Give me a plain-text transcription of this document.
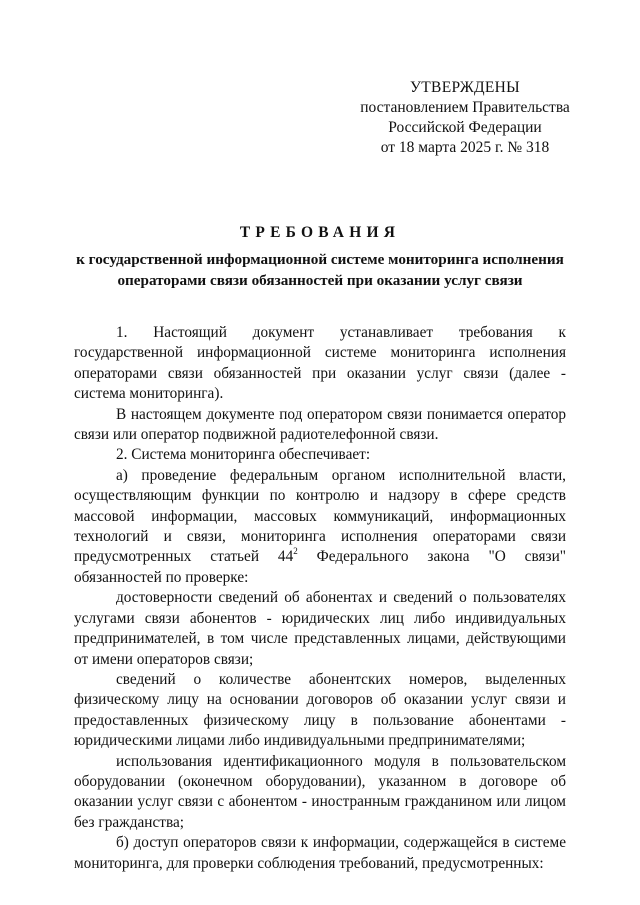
УТВЕРЖДЕНЫ
постановлением Правительства
Российской Федерации
от 18 марта 2025 г. № 318
ТРЕБОВАНИЯ
к государственной информационной системе мониторинга исполнения
операторами связи обязанностей при оказании услуг связи

1. Настоящий документ устанавливает требования к государственной информационной системе мониторинга исполнения операторами связи обязанностей при оказании услуг связи (далее - система мониторинга).

В настоящем документе под оператором связи понимается оператор связи или оператор подвижной радиотелефонной связи.

2. Система мониторинга обеспечивает:

а) проведение федеральным органом исполнительной власти, осуществляющим функции по контролю и надзору в сфере средств массовой информации, массовых коммуникаций, информационных технологий и связи, мониторинга исполнения операторами связи предусмотренных статьей $44^2$ Федерального закона "О связи" обязанностей по проверке:

достоверности сведений об абонентах и сведений о пользователях услугами связи абонентов - юридических лиц либо индивидуальных предпринимателей, в том числе представленных лицами, действующими от имени операторов связи;

сведений о количестве абонентских номеров, выделенных физическому лицу на основании договоров об оказании услуг связи и предоставленных физическому лицу в пользование абонентами - юридическими лицами либо индивидуальными предпринимателями;

использования идентификационного модуля в пользовательском оборудовании (оконечном оборудовании), указанном в договоре об оказании услуг связи с абонентом - иностранным гражданином или лицом без гражданства;

б) доступ операторов связи к информации, содержащейся в системе мониторинга, для проверки соблюдения требований, предусмотренных:
